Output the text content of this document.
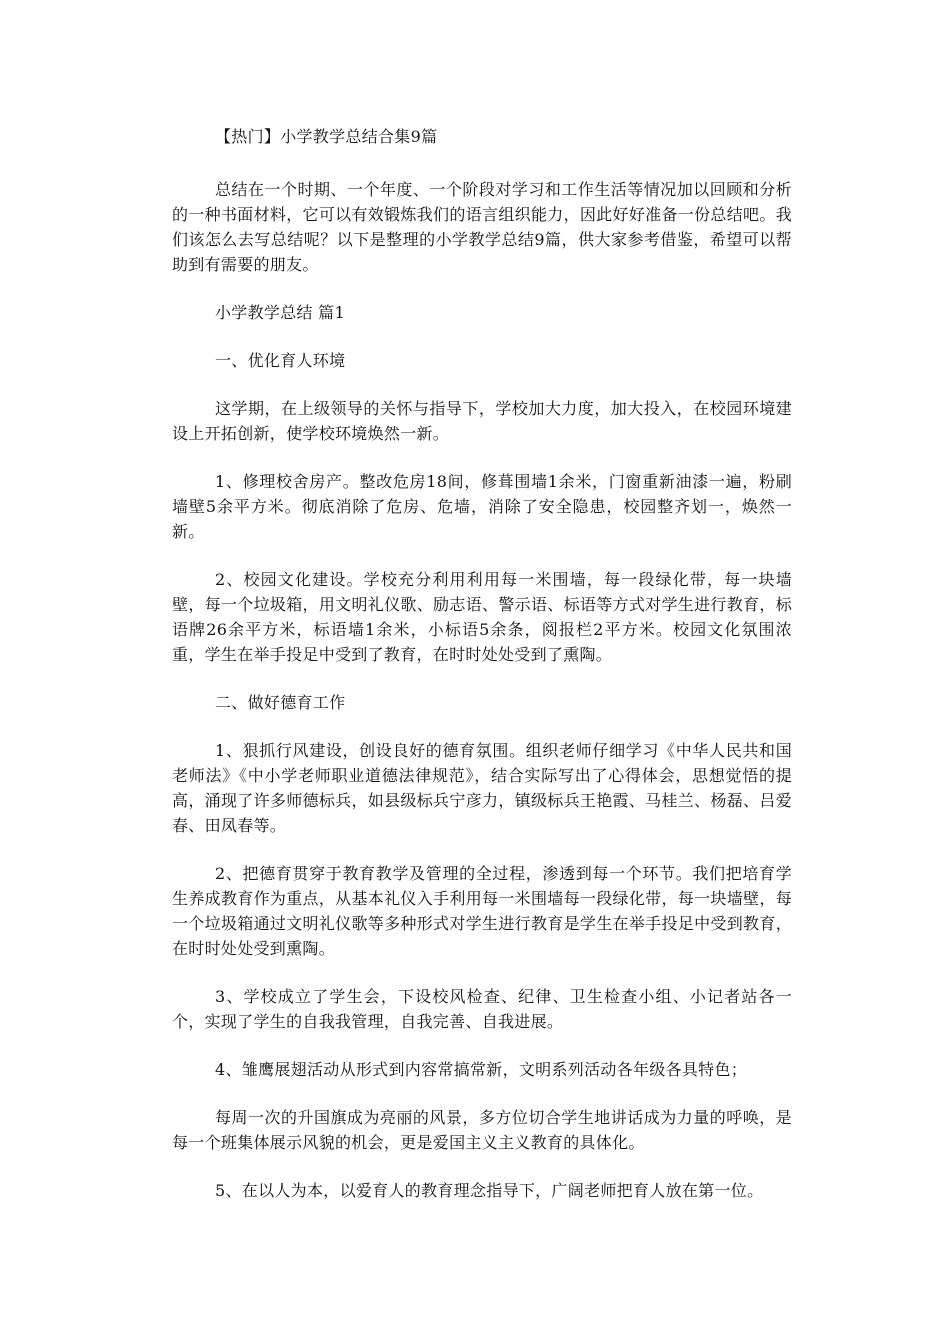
【热门】小学教学总结合集9篇

总结在一个时期、一个年度、一个阶段对学习和工作生活等情况加以回顾和分析的一种书面材料，它可以有效锻炼我们的语言组织能力，因此好好准备一份总结吧。我们该怎么去写总结呢？以下是整理的小学教学总结9篇，供大家参考借鉴，希望可以帮助到有需要的朋友。

小学教学总结 篇1

一、优化育人环境

这学期，在上级领导的关怀与指导下，学校加大力度，加大投入，在校园环境建设上开拓创新，使学校环境焕然一新。

1、修理校舍房产。整改危房18间，修葺围墙1余米，门窗重新油漆一遍，粉刷墙壁5余平方米。彻底消除了危房、危墙，消除了安全隐患，校园整齐划一，焕然一新。

2、校园文化建设。学校充分利用利用每一米围墙，每一段绿化带，每一块墙壁，每一个垃圾箱，用文明礼仪歌、励志语、警示语、标语等方式对学生进行教育，标语牌26余平方米，标语墙1余米，小标语5余条，阅报栏2平方米。校园文化氛围浓重，学生在举手投足中受到了教育，在时时处处受到了熏陶。

二、做好德育工作

1、狠抓行风建设，创设良好的德育氛围。组织老师仔细学习《中华人民共和国老师法》《中小学老师职业道德法律规范》，结合实际写出了心得体会，思想觉悟的提高，涌现了许多师德标兵，如县级标兵宁彦力，镇级标兵王艳霞、马桂兰、杨磊、吕爱春、田凤春等。

2、把德育贯穿于教育教学及管理的全过程，渗透到每一个环节。我们把培育学生养成教育作为重点，从基本礼仪入手利用每一米围墙每一段绿化带，每一块墙壁，每一个垃圾箱通过文明礼仪歌等多种形式对学生进行教育是学生在举手投足中受到教育，在时时处处受到熏陶。

3、学校成立了学生会，下设校风检查、纪律、卫生检查小组、小记者站各一个，实现了学生的自我我管理，自我完善、自我进展。

4、雏鹰展翅活动从形式到内容常搞常新，文明系列活动各年级各具特色；

每周一次的升国旗成为亮丽的风景，多方位切合学生地讲话成为力量的呼唤，是每一个班集体展示风貌的机会，更是爱国主义主义教育的具体化。

5、在以人为本，以爱育人的教育理念指导下，广阔老师把育人放在第一位。
